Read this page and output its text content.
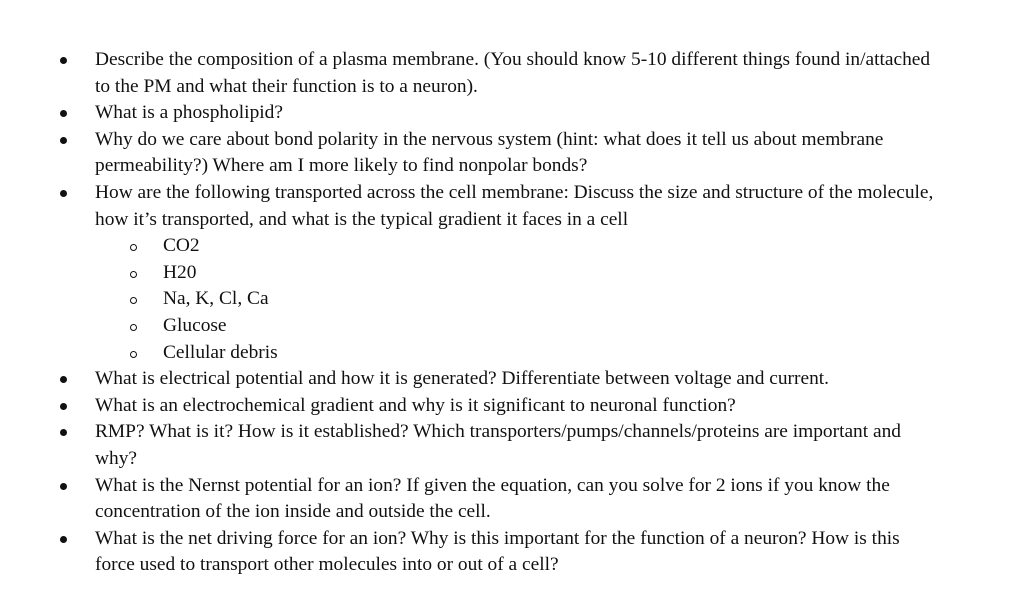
Describe the composition of a plasma membrane. (You should know 5-10 different things found in/attached to the PM and what their function is to a neuron).
What is a phospholipid?
Why do we care about bond polarity in the nervous system (hint: what does it tell us about membrane permeability?) Where am I more likely to find nonpolar bonds?
How are the following transported across the cell membrane: Discuss the size and structure of the molecule, how it’s transported, and what is the typical gradient it faces in a cell
CO2
H20
Na, K, Cl, Ca
Glucose
Cellular debris
What is electrical potential and how it is generated? Differentiate between voltage and current.
What is an electrochemical gradient and why is it significant to neuronal function?
RMP? What is it? How is it established? Which transporters/pumps/channels/proteins are important and why?
What is the Nernst potential for an ion? If given the equation, can you solve for 2 ions if you know the concentration of the ion inside and outside the cell.
What is the net driving force for an ion? Why is this important for the function of a neuron? How is this force used to transport other molecules into or out of a cell?
